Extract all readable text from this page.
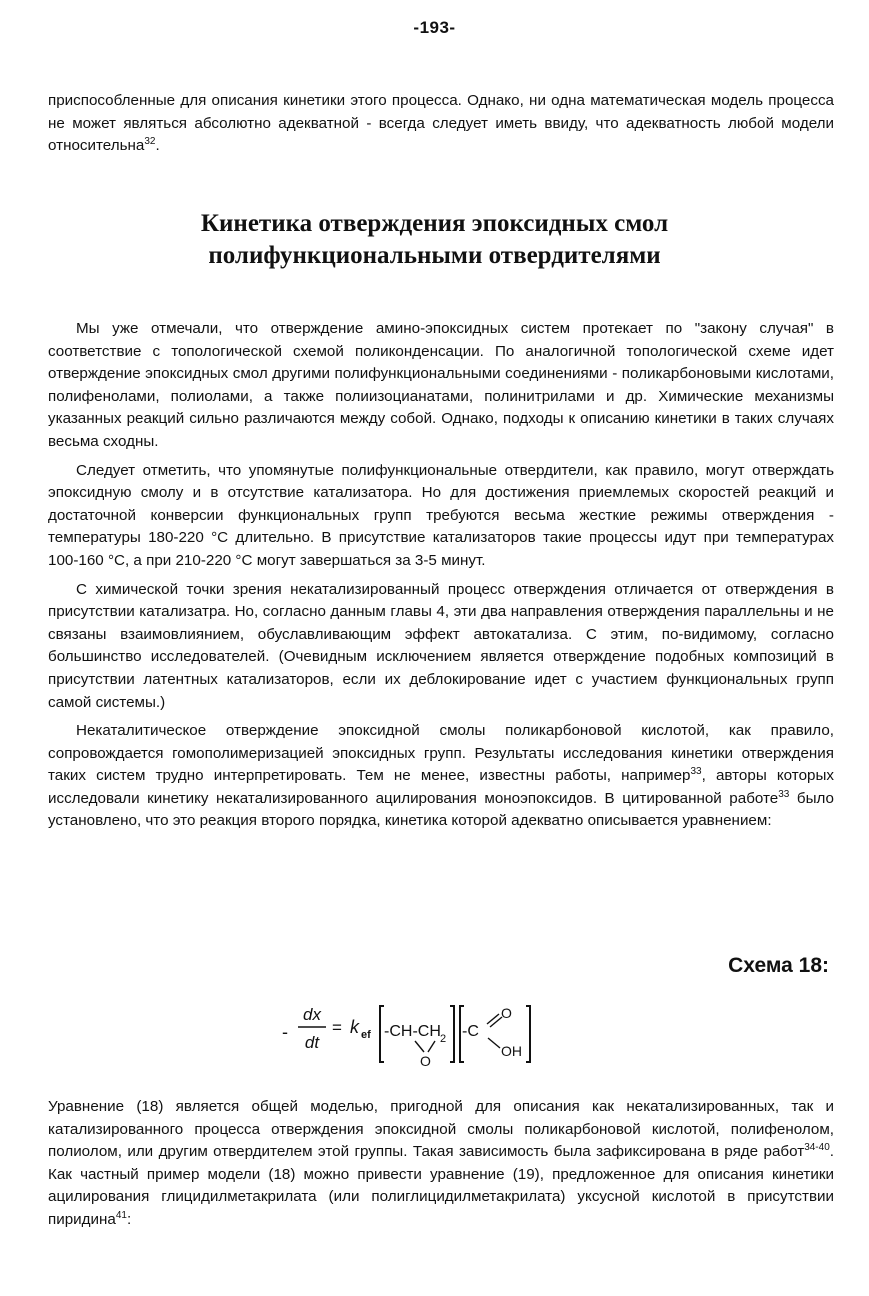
-193-

приспособленные для описания кинетики этого процесса. Однако, ни одна математическая модель процесса не может являться абсолютно адекватной - всегда следует иметь ввиду, что адекватность любой модели относительна$^{32}$.

Кинетика отверждения эпоксидных смол
полифункциональными отвердителями

Мы уже отмечали, что отверждение амино-эпоксидных систем протекает по "закону случая" в соответствие с топологической схемой поликонденсации. По аналогичной топологической схеме идет отверждение эпоксидных смол другими полифункциональными соединениями - поликарбоновыми кислотами, полифенолами, полиолами, а также полиизоцианатами, полинитрилами и др. Химические механизмы указанных реакций сильно различаются между собой. Однако, подходы к описанию кинетики в таких случаях весьма сходны.

Следует отметить, что упомянутые полифункциональные отвердители, как правило, могут отверждать эпоксидную смолу и в отсутствие катализатора. Но для достижения приемлемых скоростей реакций и достаточной конверсии функциональных групп требуются весьма жесткие режимы отверждения - температуры 180-220 °С длительно. В присутствие катализаторов такие процессы идут при температурах 100-160 °С, а при 210-220 °С могут завершаться за 3-5 минут.

С химической точки зрения некатализированный процесс отверждения отличается от отверждения в присутствии катализатра. Но, согласно данным главы 4, эти два направления отверждения параллельны и не связаны взаимовлиянием, обуславливающим эффект автокатализа. С этим, по-видимому, согласно большинство исследователей. (Очевидным исключением является отверждение подобных композиций в присутствии латентных катализаторов, если их деблокирование идет с участием функциональных групп самой системы.)

Некаталитическое отверждение эпоксидной смолы поликарбоновой кислотой, как правило, сопровождается гомополимеризацией эпоксидных групп. Результаты исследования кинетики отверждения таких систем трудно интерпретировать. Тем не менее, известны работы, например$^{33}$, авторы которых исследовали кинетику некатализированного ацилирования моноэпоксидов. В цитированной работе$^{33}$ было установлено, что это реакция второго порядка, кинетика которой адекватно описывается уравнением:

Схема 18:
-
dx
dt
= k ef -CH-CH 2
O
-C
O
OH

Уравнение (18) является общей моделью, пригодной для описания как некатализированных, так и катализированного процесса отверждения эпоксидной смолы поликарбоновой кислотой, полифенолом, полиолом, или другим отвердителем этой группы. Такая зависимость была зафиксирована в ряде работ$^{34-40}$. Как частный пример модели (18) можно привести уравнение (19), предложенное для описания кинетики ацилирования глицидилметакрилата (или полиглицидилметакрилата) уксусной кислотой в присутствии пиридина$^{41}$:
